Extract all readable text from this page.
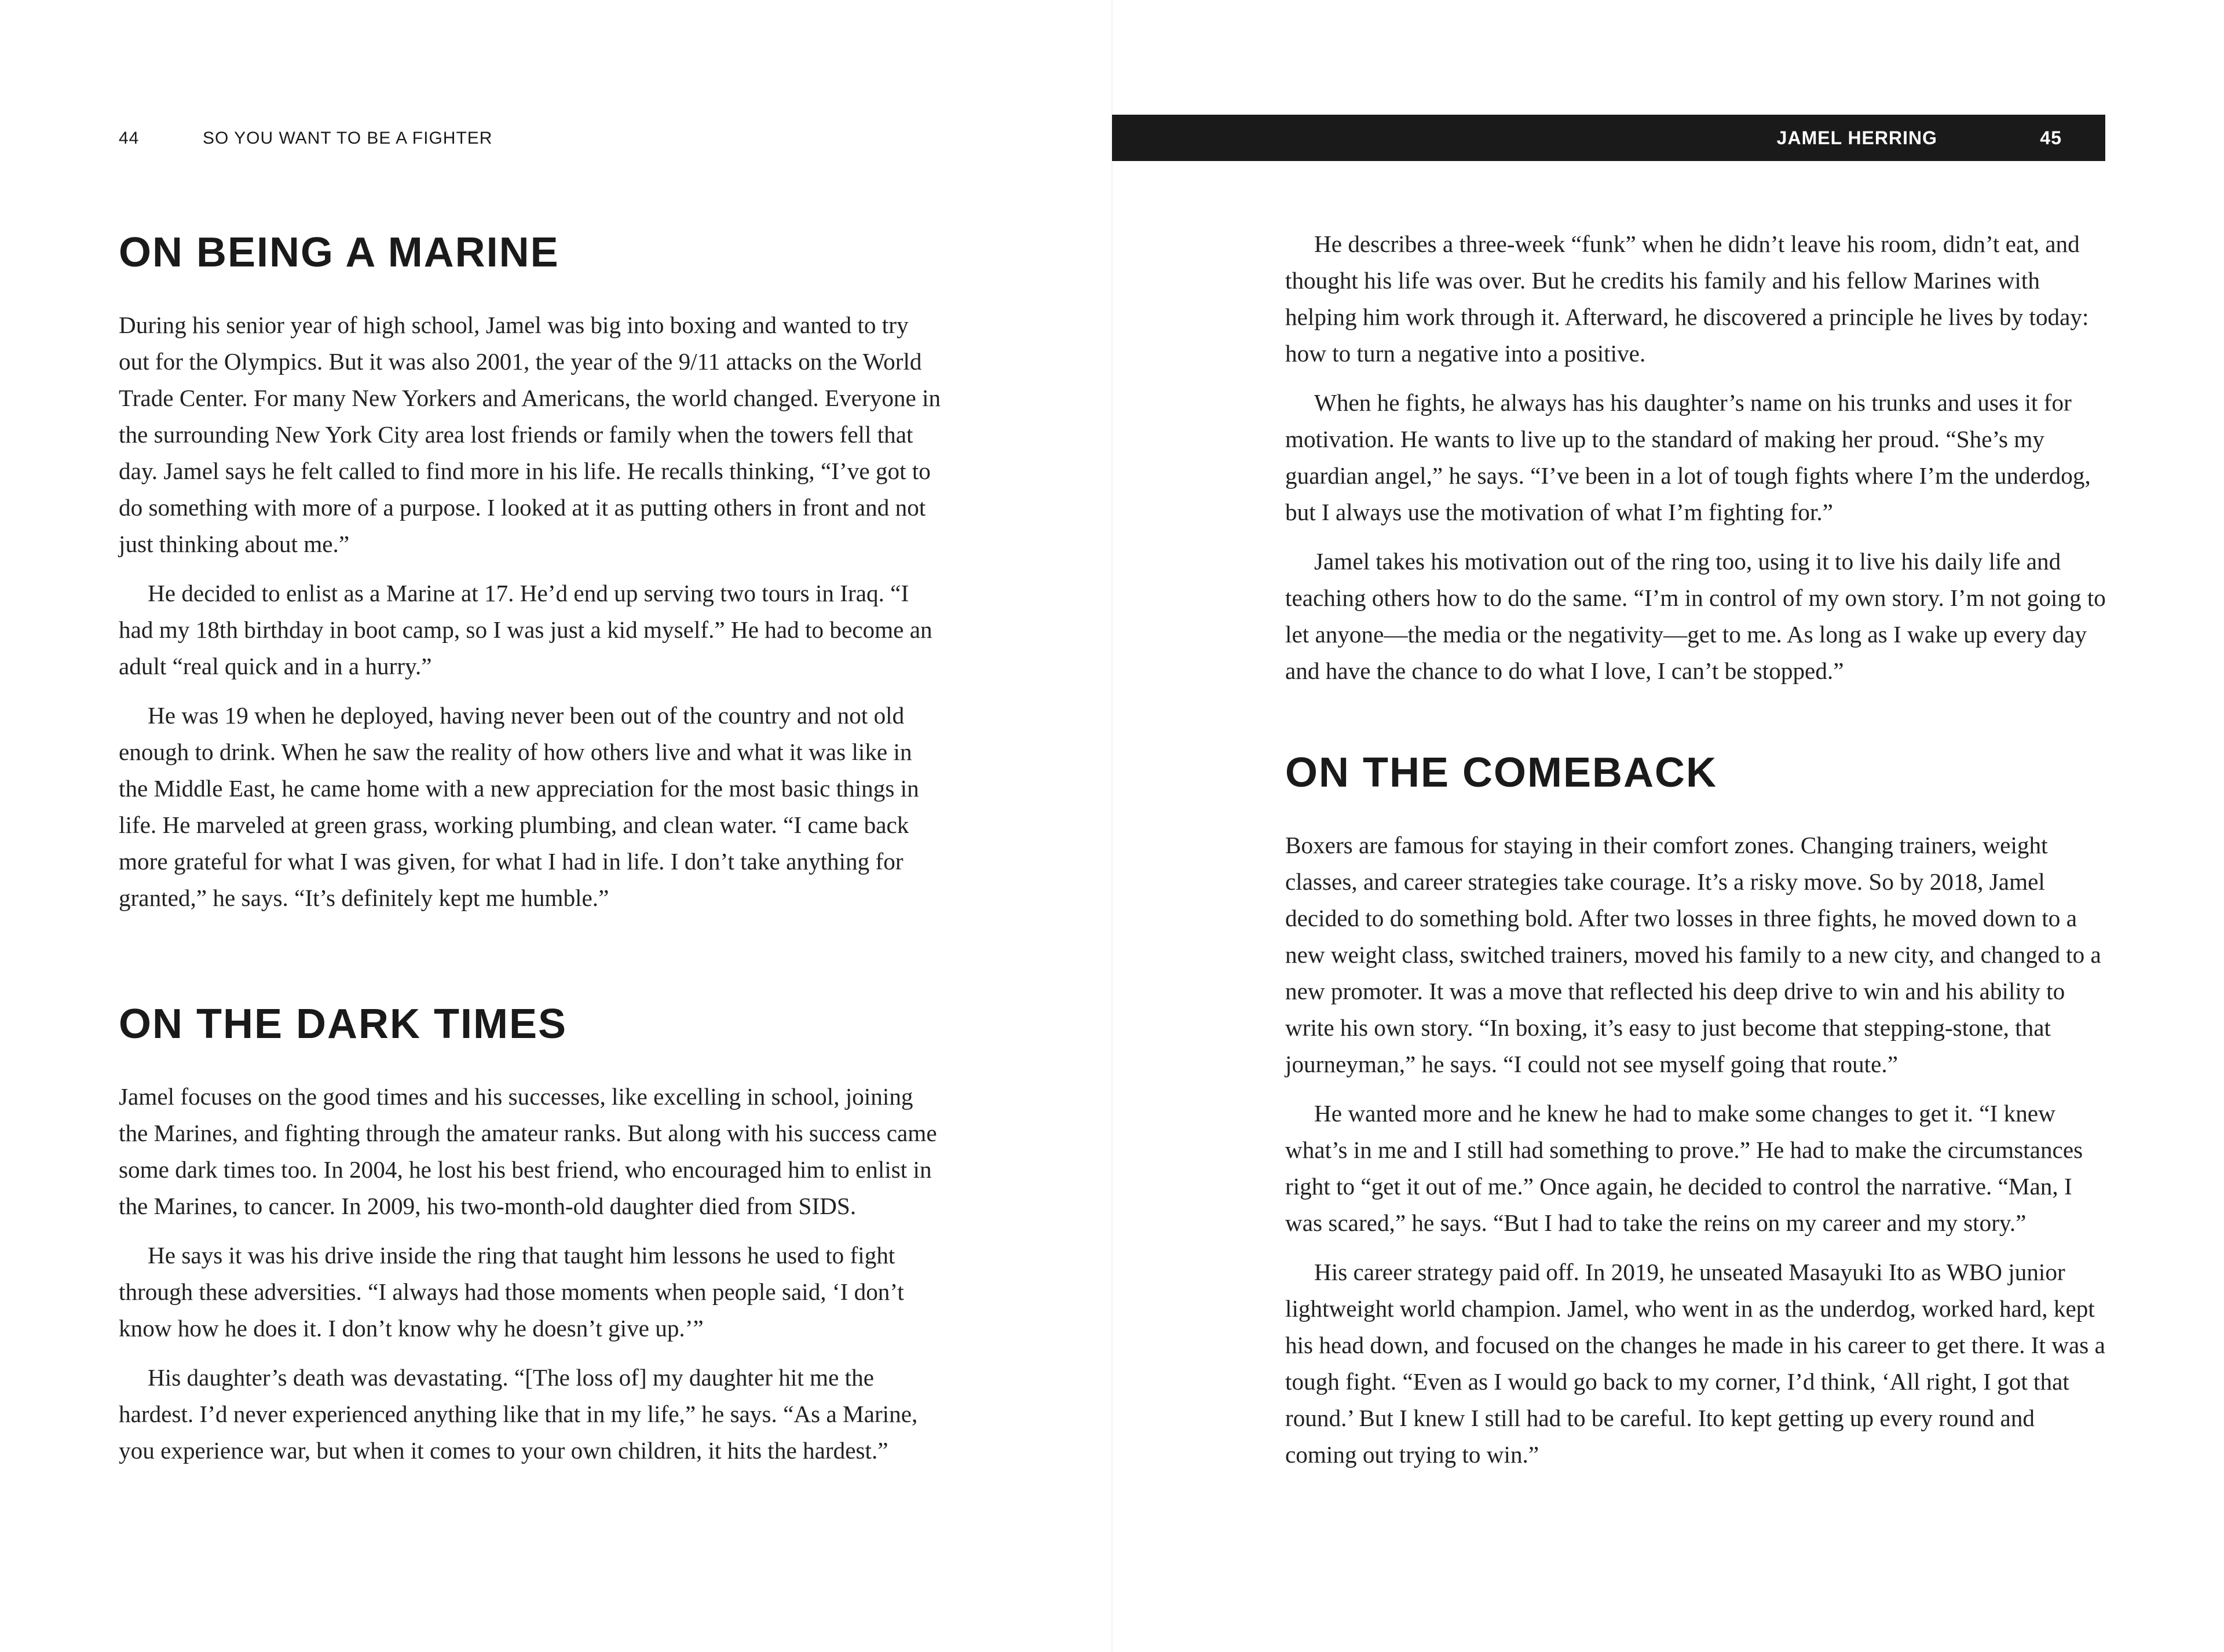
44	SO YOU WANT TO BE A FIGHTER
ON BEING A MARINE

During his senior year of high school, Jamel was big into boxing and wanted to try out for the Olympics. But it was also 2001, the year of the 9/11 attacks on the World Trade Center. For many New Yorkers and Americans, the world changed. Everyone in the surrounding New York City area lost friends or family when the towers fell that day. Jamel says he felt called to find more in his life. He recalls thinking, “I’ve got to do something with more of a purpose. I looked at it as putting others in front and not just thinking about me.”

He decided to enlist as a Marine at 17. He’d end up serving two tours in Iraq. “I had my 18th birthday in boot camp, so I was just a kid myself.” He had to become an adult “real quick and in a hurry.”

He was 19 when he deployed, having never been out of the country and not old enough to drink. When he saw the reality of how others live and what it was like in the Middle East, he came home with a new appreciation for the most basic things in life. He marveled at green grass, working plumbing, and clean water. “I came back more grateful for what I was given, for what I had in life. I don’t take anything for granted,” he says. “It’s definitely kept me humble.”

ON THE DARK TIMES

Jamel focuses on the good times and his successes, like excelling in school, joining the Marines, and fighting through the amateur ranks. But along with his success came some dark times too. In 2004, he lost his best friend, who encouraged him to enlist in the Marines, to cancer. In 2009, his two-month-old daughter died from SIDS.

He says it was his drive inside the ring that taught him lessons he used to fight through these adversities. “I always had those moments when people said, ‘I don’t know how he does it. I don’t know why he doesn’t give up.’”

His daughter’s death was devastating. “[The loss of] my daughter hit me the hardest. I’d never experienced anything like that in my life,” he says. “As a Marine, you experience war, but when it comes to your own children, it hits the hardest.”

JAMEL HERRING	45

He describes a three-week “funk” when he didn’t leave his room, didn’t eat, and thought his life was over. But he credits his family and his fellow Marines with helping him work through it. Afterward, he discovered a principle he lives by today: how to turn a negative into a positive.

When he fights, he always has his daughter’s name on his trunks and uses it for motivation. He wants to live up to the standard of making her proud. “She’s my guardian angel,” he says. “I’ve been in a lot of tough fights where I’m the underdog, but I always use the motivation of what I’m fighting for.”

Jamel takes his motivation out of the ring too, using it to live his daily life and teaching others how to do the same. “I’m in control of my own story. I’m not going to let anyone—the media or the negativity—get to me. As long as I wake up every day and have the chance to do what I love, I can’t be stopped.”

ON THE COMEBACK

Boxers are famous for staying in their comfort zones. Changing trainers, weight classes, and career strategies take courage. It’s a risky move. So by 2018, Jamel decided to do something bold. After two losses in three fights, he moved down to a new weight class, switched trainers, moved his family to a new city, and changed to a new promoter. It was a move that reflected his deep drive to win and his ability to write his own story. “In boxing, it’s easy to just become that stepping-stone, that journeyman,” he says. “I could not see myself going that route.”

He wanted more and he knew he had to make some changes to get it. “I knew what’s in me and I still had something to prove.” He had to make the circumstances right to “get it out of me.” Once again, he decided to control the narrative. “Man, I was scared,” he says. “But I had to take the reins on my career and my story.”

His career strategy paid off. In 2019, he unseated Masayuki Ito as WBO junior lightweight world champion. Jamel, who went in as the underdog, worked hard, kept his head down, and focused on the changes he made in his career to get there. It was a tough fight. “Even as I would go back to my corner, I’d think, ‘All right, I got that round.’ But I knew I still had to be careful. Ito kept getting up every round and coming out trying to win.”
